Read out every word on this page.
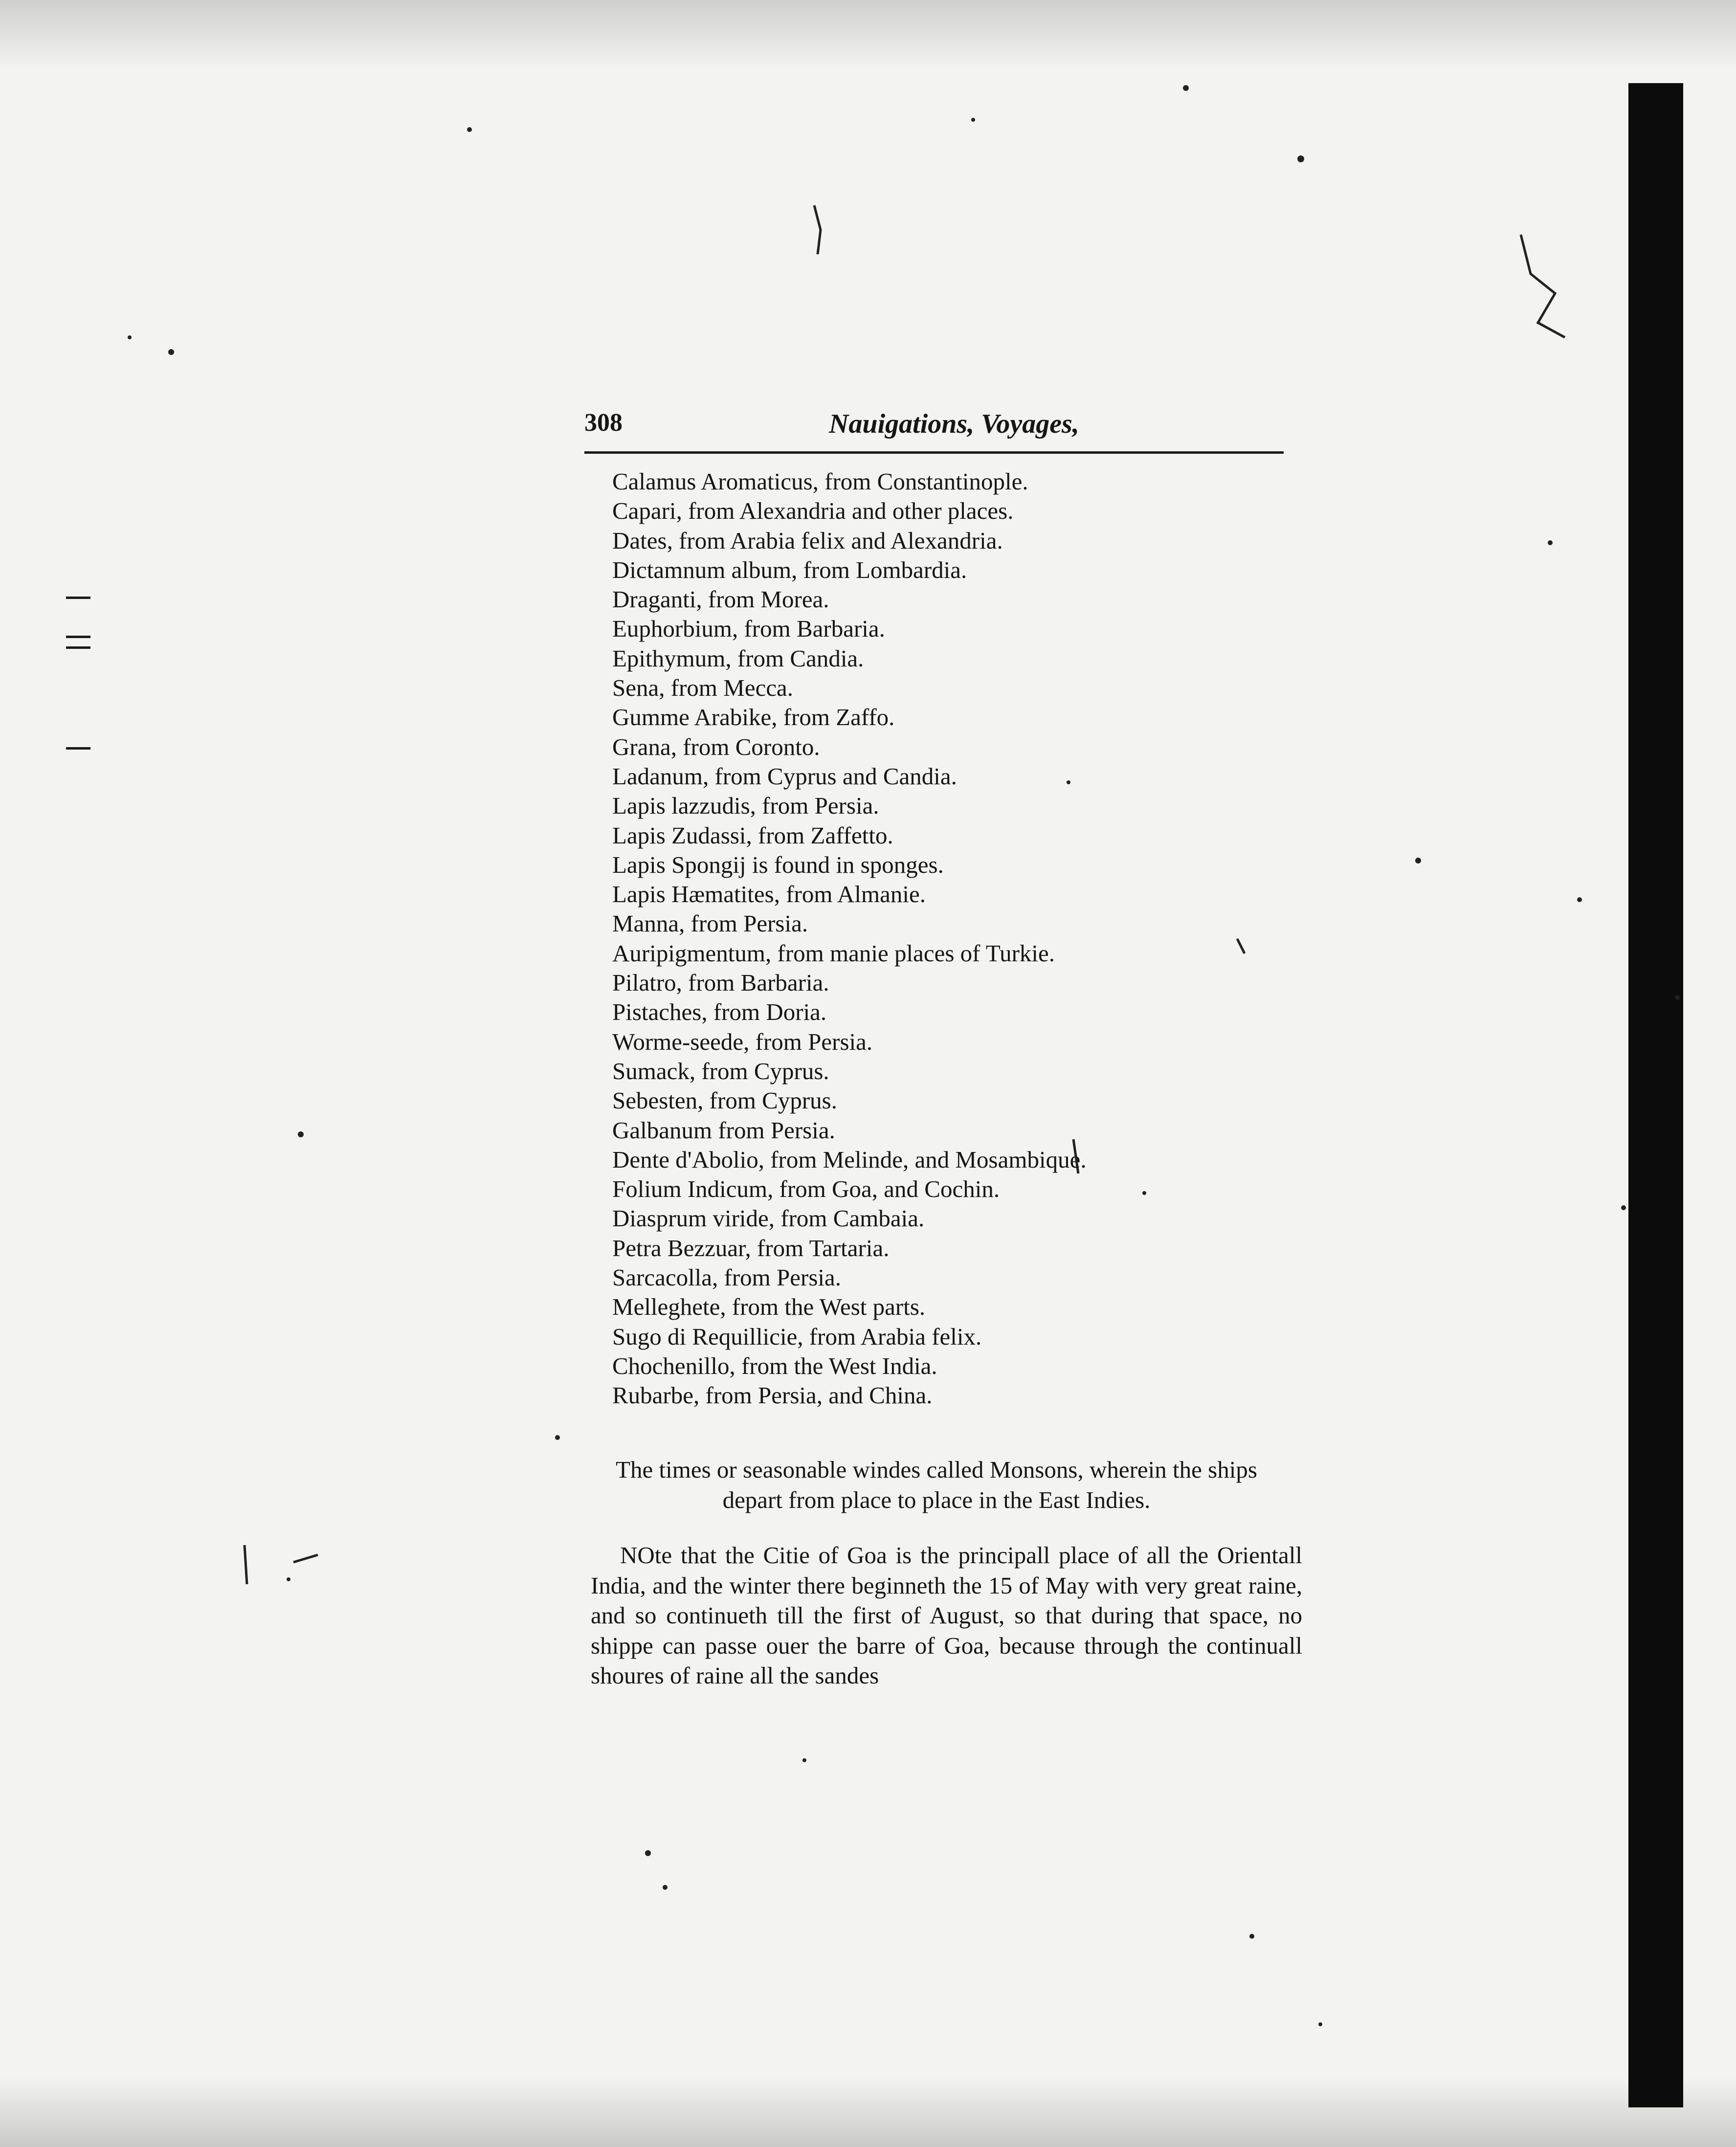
308	Nauigations, Voyages,
Calamus Aromaticus, from Constantinople.
Capari, from Alexandria and other places.
Dates, from Arabia felix and Alexandria.
Dictamnum album, from Lombardia.
Draganti, from Morea.
Euphorbium, from Barbaria.
Epithymum, from Candia.
Sena, from Mecca.
Gumme Arabike, from Zaffo.
Grana, from Coronto.
Ladanum, from Cyprus and Candia.
Lapis lazzudis, from Persia.
Lapis Zudassi, from Zaffetto.
Lapis Spongij is found in sponges.
Lapis Hæmatites, from Almanie.
Manna, from Persia.
Auripigmentum, from manie places of Turkie.
Pilatro, from Barbaria.
Pistaches, from Doria.
Worme-seede, from Persia.
Sumack, from Cyprus.
Sebesten, from Cyprus.
Galbanum from Persia.
Dente d'Abolio, from Melinde, and Mosambique.
Folium Indicum, from Goa, and Cochin.
Diasprum viride, from Cambaia.
Petra Bezzuar, from Tartaria.
Sarcacolla, from Persia.
Melleghete, from the West parts.
Sugo di Requillicie, from Arabia felix.
Chochenillo, from the West India.
Rubarbe, from Persia, and China.
The times or seasonable windes called Monsons, wherein the ships depart from place to place in the East Indies.

NOte that the Citie of Goa is the principall place of all the Orientall India, and the winter there beginneth the 15 of May with very great raine, and so continueth till the first of August, so that during that space, no shippe can passe ouer the barre of Goa, because through the continuall shoures of raine all the sandes
